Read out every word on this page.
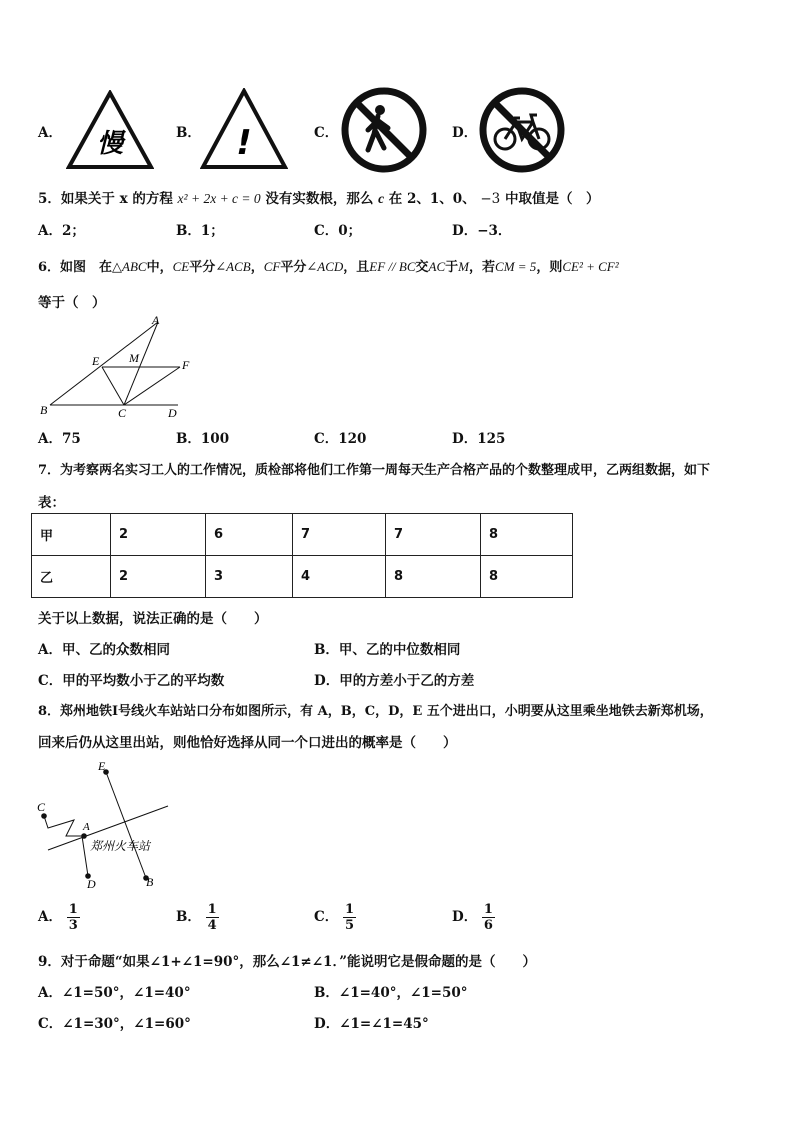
A． 慢	B． !	C．	D．
5．如果关于 x 的方程 x² + 2x + c = 0 没有实数根，那么 c 在 2、1、0、 −3 中取值是（　）
A．2；	B．1；	C．0；	D．−3．
6．如图　在△ABC中，CE平分∠ACB，CF平分∠ACD，且EF // BC交AC于M，若CM = 5，则CE² + CF²
等于（　）
A
E M	F
B	C	D
A．75	B．100	C．120	D．125
7．为考察两名实习工人的工作情况，质检部将他们工作第一周每天生产合格产品的个数整理成甲，乙两组数据，如下
表：
甲	2	6	7	7	8
乙	2	3	4	8	8
关于以上数据，说法正确的是（　　）
A．甲、乙的众数相同	B．甲、乙的中位数相同
C．甲的平均数小于乙的平均数	D．甲的方差小于乙的方差
8．郑州地铁Ⅰ号线火车站站口分布如图所示，有 A，B，C，D，E 五个进出口，小明要从这里乘坐地铁去新郑机场，
回来后仍从这里出站，则他恰好选择从同一个口进出的概率是（　　）
E
C
A
D	B
郑州火车站
A． $\frac{1}{3}$	B． $\frac{1}{4}$	C． $\frac{1}{5}$	D． $\frac{1}{6}$
9．对于命题“如果∠1+∠1=90°，那么∠1≠∠1．”能说明它是假命题的是（　　）
A．∠1=50°，∠1=40°	B．∠1=40°，∠1=50°
C．∠1=30°，∠1=60°	D．∠1=∠1=45°
